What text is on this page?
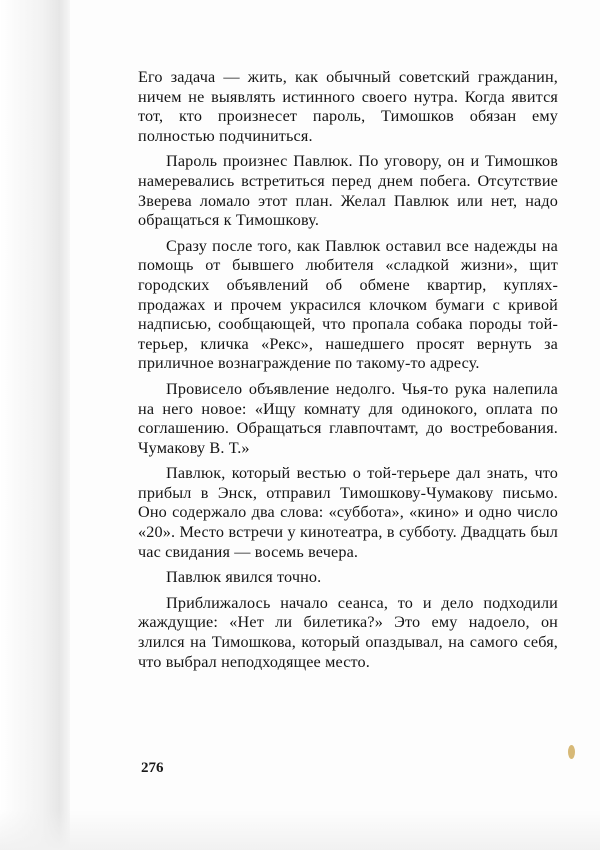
Его задача — жить, как обычный советский гражданин, ничем не выявлять истинного своего нутра. Когда явится тот, кто произнесет пароль, Тимошков обязан ему полностью подчиниться.

Пароль произнес Павлюк. По уговору, он и Тимошков намеревались встретиться перед днем побега. Отсутствие Зверева ломало этот план. Желал Павлюк или нет, надо обращаться к Тимошкову.

Сразу после того, как Павлюк оставил все надежды на помощь от бывшего любителя «сладкой жизни», щит городских объявлений об обмене квартир, куплях-продажах и прочем украсился клочком бумаги с кривой надписью, сообщающей, что пропала собака породы той-терьер, кличка «Рекс», нашедшего просят вернуть за приличное вознаграждение по такому-то адресу.

Провисело объявление недолго. Чья-то рука налепила на него новое: «Ищу комнату для одинокого, оплата по соглашению. Обращаться главпочтамт, до востребования. Чумакову В. Т.»

Павлюк, который вестью о той-терьере дал знать, что прибыл в Энск, отправил Тимошкову-Чумакову письмо. Оно содержало два слова: «суббота», «кино» и одно число «20». Место встречи у кинотеатра, в субботу. Двадцать был час свидания — восемь вечера.

Павлюк явился точно.

Приближалось начало сеанса, то и дело подходили жаждущие: «Нет ли билетика?» Это ему надоело, он злился на Тимошкова, который опаздывал, на самого себя, что выбрал неподходящее место.

276
